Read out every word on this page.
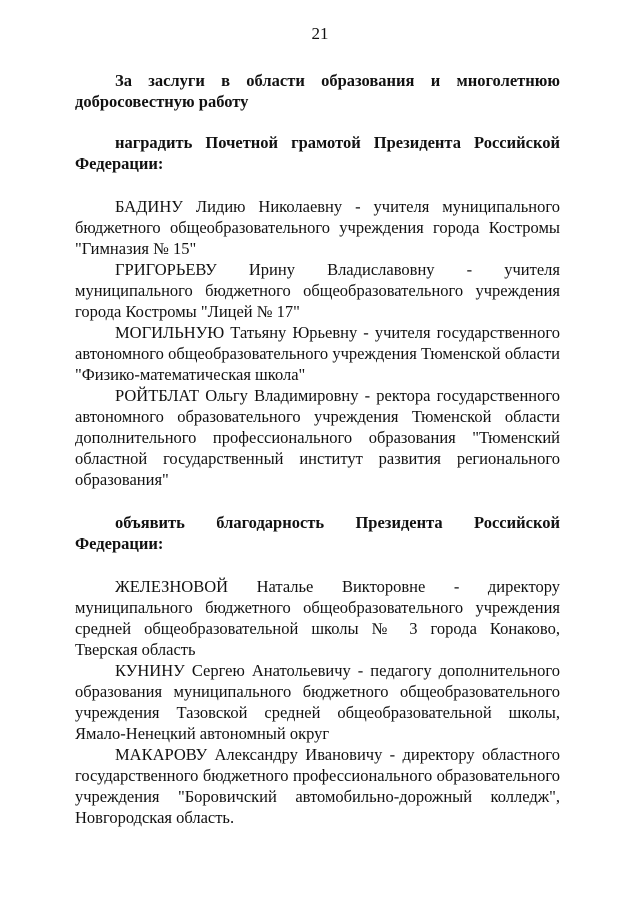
21

За заслуги в области образования и многолетнюю добросовестную работу

наградить Почетной грамотой Президента Российской Федерации:

БАДИНУ Лидию Николаевну - учителя муниципального бюджетного общеобразовательного учреждения города Костромы "Гимназия № 15"

ГРИГОРЬЕВУ Ирину Владиславовну - учителя муниципального бюджетного общеобразовательного учреждения города Костромы "Лицей № 17"

МОГИЛЬНУЮ Татьяну Юрьевну - учителя государственного автономного общеобразовательного учреждения Тюменской области "Физико-математическая школа"

РОЙТБЛАТ Ольгу Владимировну - ректора государственного автономного образовательного учреждения Тюменской области дополнительного профессионального образования "Тюменский областной государственный институт развития регионального образования"

объявить благодарность Президента Российской Федерации:

ЖЕЛЕЗНОВОЙ Наталье Викторовне - директору муниципального бюджетного общеобразовательного учреждения средней общеобразовательной школы № 3 города Конаково, Тверская область

КУНИНУ Сергею Анатольевичу - педагогу дополнительного образования муниципального бюджетного общеобразовательного учреждения Тазовской средней общеобразовательной школы, Ямало-Ненецкий автономный округ

МАКАРОВУ Александру Ивановичу - директору областного государственного бюджетного профессионального образовательного учреждения "Боровичский автомобильно-дорожный колледж", Новгородская область.
